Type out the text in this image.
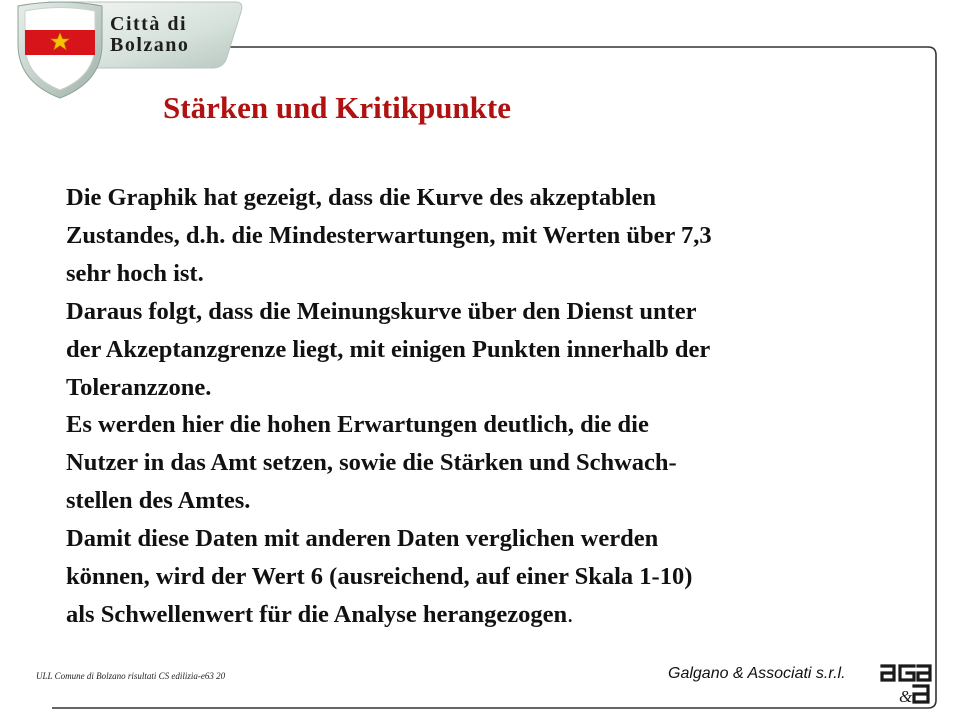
Città di
Bolzano
Stärken und Kritikpunkte
Die Graphik hat gezeigt, dass die Kurve des akzeptablen
Zustandes, d.h. die Mindesterwartungen, mit Werten über 7,3
sehr hoch ist.
Daraus folgt, dass die Meinungskurve über den Dienst unter
der Akzeptanzgrenze liegt, mit einigen Punkten innerhalb der
Toleranzzone.
Es werden hier die hohen Erwartungen deutlich, die die
Nutzer in das Amt setzen, sowie die Stärken und Schwach-
stellen des Amtes.
Damit diese Daten mit anderen Daten verglichen werden
können, wird der Wert 6 (ausreichend, auf einer Skala 1-10)
als Schwellenwert für die Analyse herangezogen.
ULL Comune di Bolzano risultati CS edilizia-e63 20	Galgano & Associati s.r.l.
&
